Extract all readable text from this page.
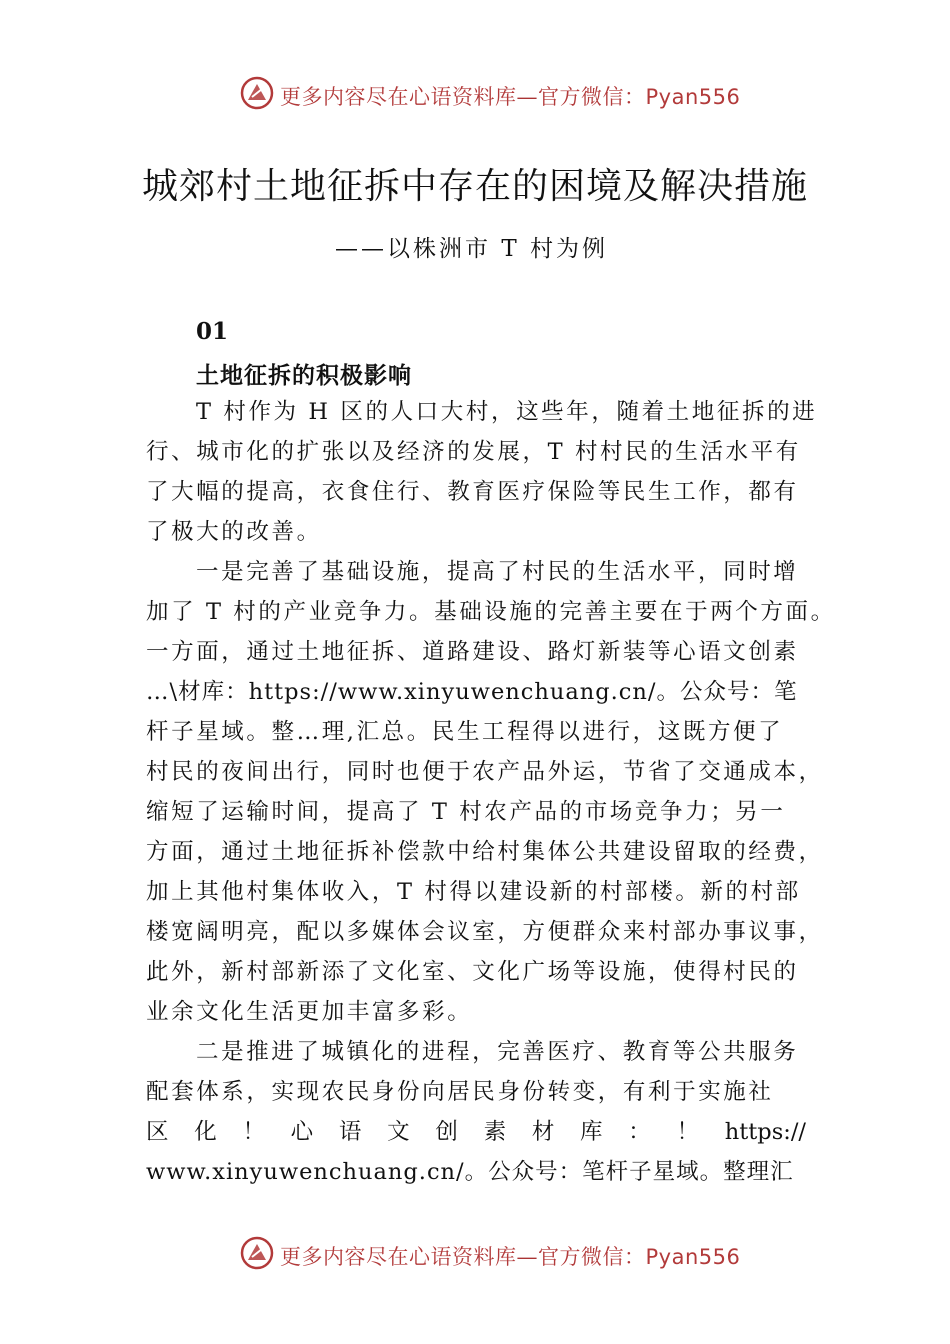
更多内容尽在心语资料库—官方微信：Pyan556
城郊村土地征拆中存在的困境及解决措施
——以株洲市 T 村为例
01
土地征拆的积极影响
T 村作为 H 区的人口大村，这些年，随着土地征拆的进
行、城市化的扩张以及经济的发展，T 村村民的生活水平有
了大幅的提高，衣食住行、教育医疗保险等民生工作，都有
了极大的改善。
一是完善了基础设施，提高了村民的生活水平，同时增
加了 T 村的产业竞争力。基础设施的完善主要在于两个方面。
一方面，通过土地征拆、道路建设、路灯新装等心语文创素
…\材库：https://www.xinyuwenchuang.cn/。公众号：笔
杆子星域。整…理,汇总。民生工程得以进行，这既方便了
村民的夜间出行，同时也便于农产品外运，节省了交通成本，
缩短了运输时间，提高了 T 村农产品的市场竞争力；另一
方面，通过土地征拆补偿款中给村集体公共建设留取的经费，
加上其他村集体收入，T 村得以建设新的村部楼。新的村部
楼宽阔明亮，配以多媒体会议室，方便群众来村部办事议事，
此外，新村部新添了文化室、文化广场等设施，使得村民的
业余文化生活更加丰富多彩。
二是推进了城镇化的进程，完善医疗、教育等公共服务
配套体系，实现农民身份向居民身份转变，有利于实施社
区 化 ！ 心 语 文 创 素 材 库 ： ！ https://
www.xinyuwenchuang.cn/。公众号：笔杆子星域。整理汇
更多内容尽在心语资料库—官方微信：Pyan556
